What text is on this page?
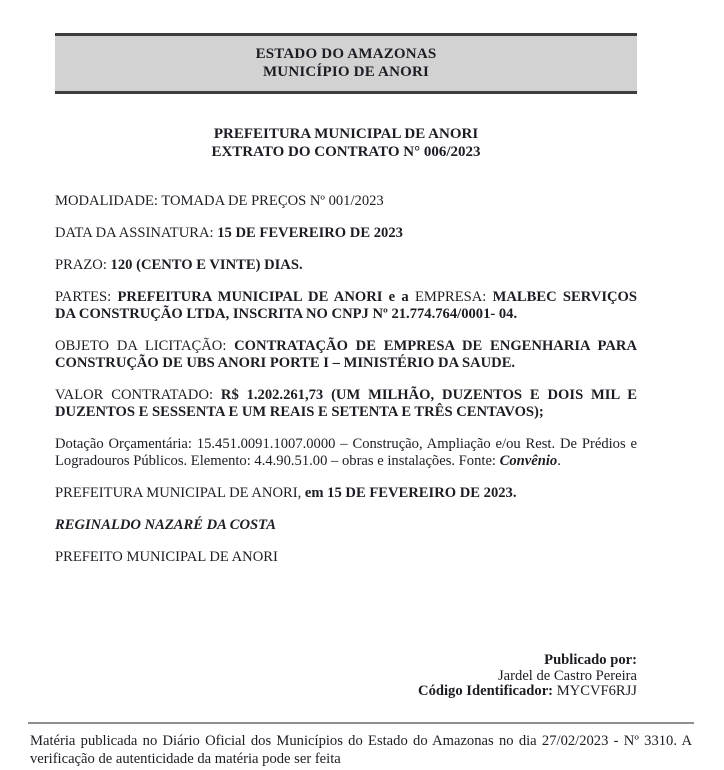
ESTADO DO AMAZONAS
MUNICÍPIO DE ANORI
PREFEITURA MUNICIPAL DE ANORI
EXTRATO DO CONTRATO N° 006/2023

MODALIDADE: TOMADA DE PREÇOS Nº 001/2023

DATA DA ASSINATURA: 15 DE FEVEREIRO DE 2023

PRAZO: 120 (CENTO E VINTE) DIAS.

PARTES: PREFEITURA MUNICIPAL DE ANORI e a EMPRESA: MALBEC SERVIÇOS DA CONSTRUÇÃO LTDA, INSCRITA NO CNPJ Nº 21.774.764/0001- 04.

OBJETO DA LICITAÇÃO: CONTRATAÇÃO DE EMPRESA DE ENGENHARIA PARA CONSTRUÇÃO DE UBS ANORI PORTE I – MINISTÉRIO DA SAUDE.

VALOR CONTRATADO: R$ 1.202.261,73 (UM MILHÃO, DUZENTOS E DOIS MIL E DUZENTOS E SESSENTA E UM REAIS E SETENTA E TRÊS CENTAVOS);

Dotação Orçamentária: 15.451.0091.1007.0000 – Construção, Ampliação e/ou Rest. De Prédios e Logradouros Públicos. Elemento: 4.4.90.51.00 – obras e instalações. Fonte: Convênio.

PREFEITURA MUNICIPAL DE ANORI, em 15 DE FEVEREIRO DE 2023.

REGINALDO NAZARÉ DA COSTA

PREFEITO MUNICIPAL DE ANORI

Publicado por:
Jardel de Castro Pereira
Código Identificador: MYCVF6RJJ
Matéria publicada no Diário Oficial dos Municípios do Estado do Amazonas no dia 27/02/2023 - Nº 3310. A verificação de autenticidade da matéria pode ser feita
